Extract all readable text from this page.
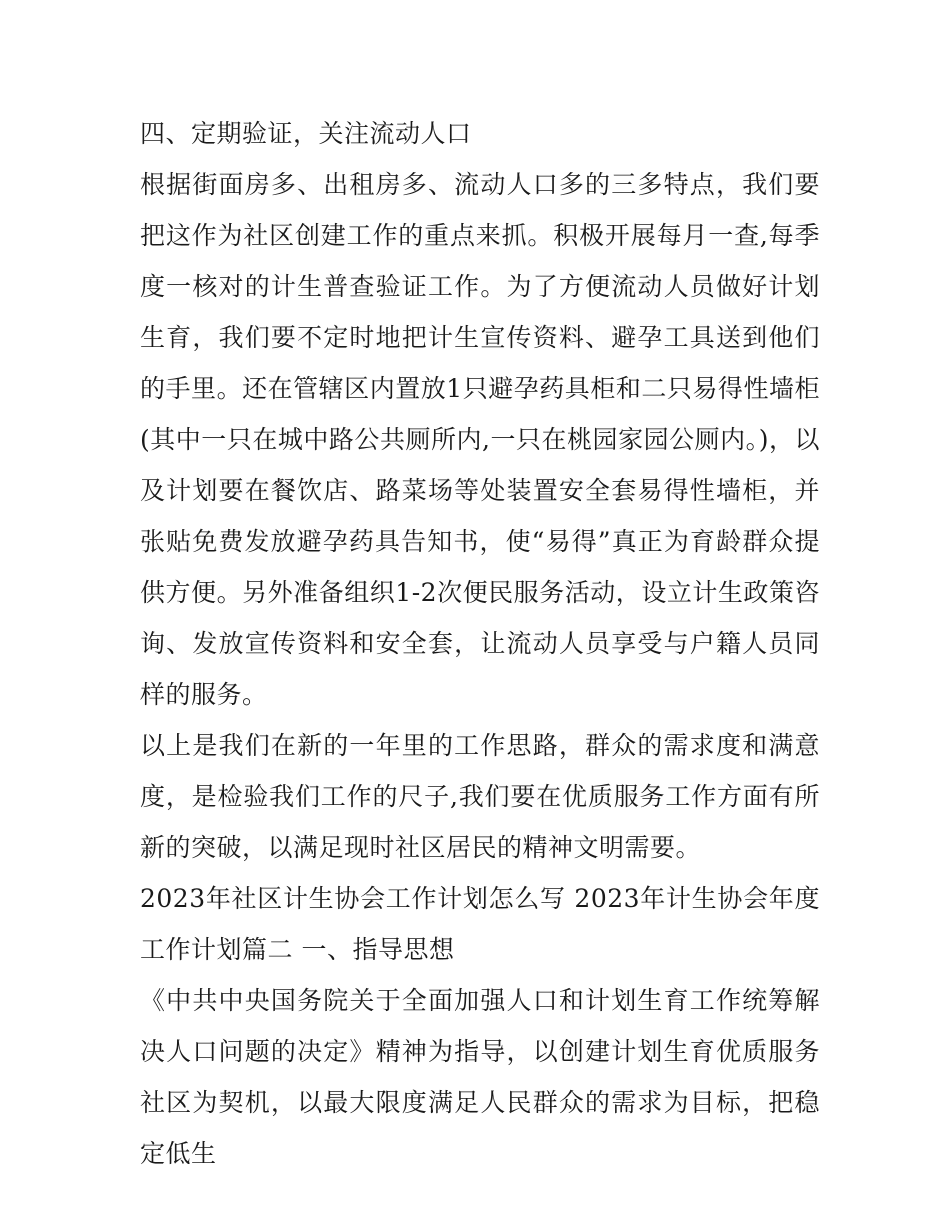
四、定期验证，关注流动人口

根据街面房多、出租房多、流动人口多的三多特点，我们要把这作为社区创建工作的重点来抓。积极开展每月一查,每季度一核对的计生普查验证工作。为了方便流动人员做好计划生育，我们要不定时地把计生宣传资料、避孕工具送到他们的手里。还在管辖区内置放1只避孕药具柜和二只易得性墙柜(其中一只在城中路公共厕所内,一只在桃园家园公厕内。)，以及计划要在餐饮店、路菜场等处装置安全套易得性墙柜，并张贴免费发放避孕药具告知书，使“易得”真正为育龄群众提供方便。另外准备组织1-2次便民服务活动，设立计生政策咨询、发放宣传资料和安全套，让流动人员享受与户籍人员同样的服务。

以上是我们在新的一年里的工作思路，群众的需求度和满意度，是检验我们工作的尺子,我们要在优质服务工作方面有所新的突破，以满足现时社区居民的精神文明需要。

2023年社区计生协会工作计划怎么写 2023年计生协会年度工作计划篇二 一、指导思想

《中共中央国务院关于全面加强人口和计划生育工作统筹解决人口问题的决定》精神为指导，以创建计划生育优质服务社区为契机，以最大限度满足人民群众的需求为目标，把稳定低生
